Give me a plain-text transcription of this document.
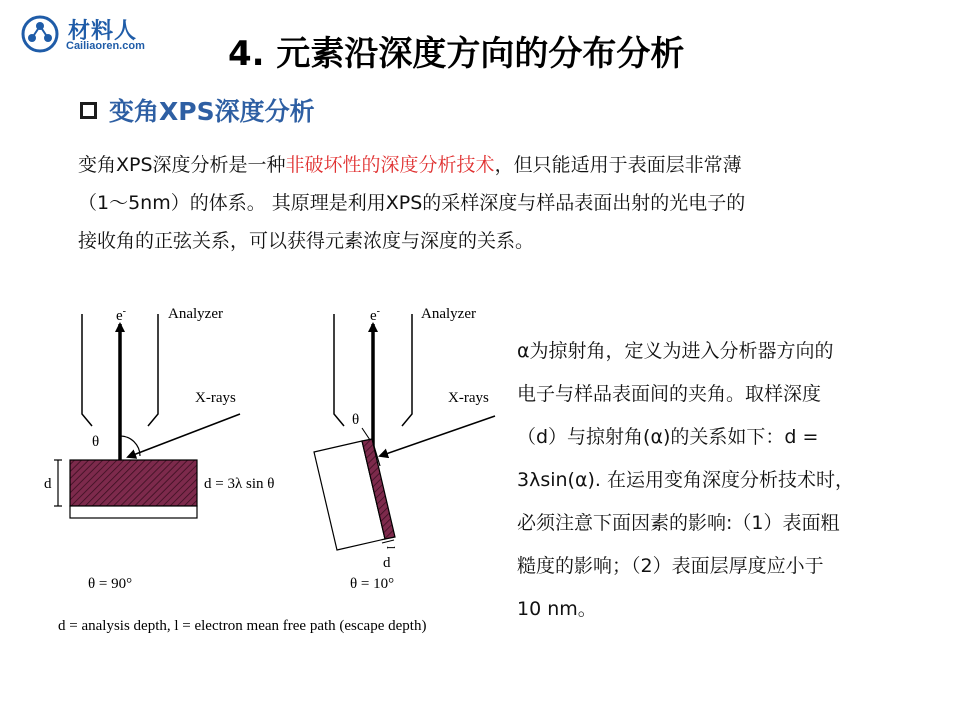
材料人
Cailiaoren.com 4. 元素沿深度方向的分布分析
变角XPS深度分析
变角XPS深度分析是一种非破坏性的深度分析技术，但只能适用于表面层非常薄
（1～5nm）的体系。 其原理是利用XPS的采样深度与样品表面出射的光电子的
接收角的正弦关系，可以获得元素浓度与深度的关系。
e-	Analyzer
X-rays
θ
d	d = 3λ sin θ
θ = 90°
e-	Analyzer
X-rays
θ
l
d
θ = 10°
d = analysis depth, l = electron mean free path (escape depth)
α为掠射角，定义为进入分析器方向的
电子与样品表面间的夹角。取样深度
（d）与掠射角(α)的关系如下：d =
3λsin(α). 在运用变角深度分析技术时，
必须注意下面因素的影响:（1）表面粗
糙度的影响；（2）表面层厚度应小于
10 nm。
